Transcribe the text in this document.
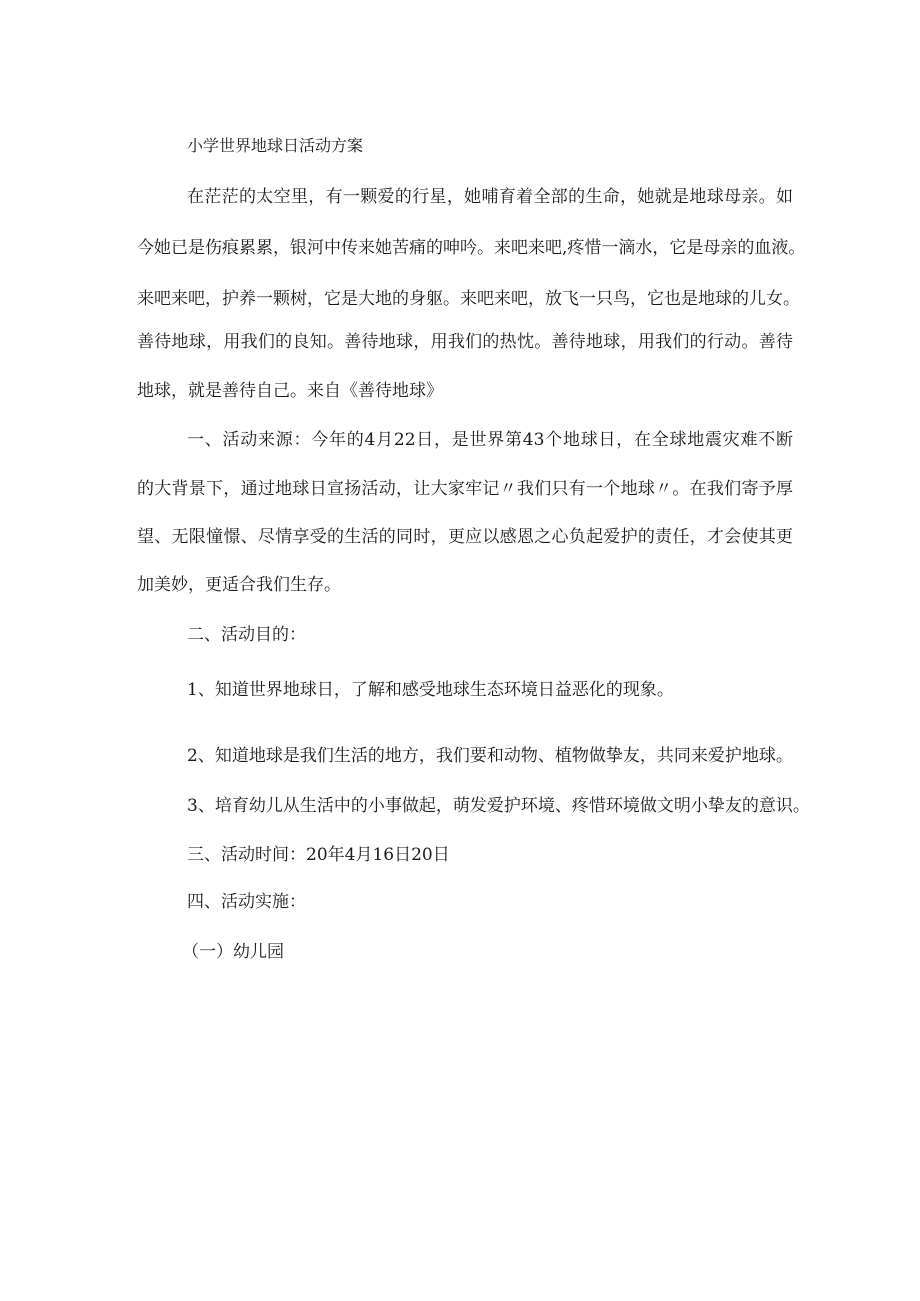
小学世界地球日活动方案

在茫茫的太空里，有一颗爱的行星，她哺育着全部的生命，她就是地球母亲。如

今她已是伤痕累累，银河中传来她苦痛的呻吟。来吧来吧,疼惜一滴水，它是母亲的血液。

来吧来吧，护养一颗树，它是大地的身躯。来吧来吧，放飞一只鸟，它也是地球的儿女。

善待地球，用我们的良知。善待地球，用我们的热忱。善待地球，用我们的行动。善待

地球，就是善待自己。来自《善待地球》

一、活动来源：今年的4月22日，是世界第43个地球日，在全球地震灾难不断

的大背景下，通过地球日宣扬活动，让大家牢记〃我们只有一个地球〃。在我们寄予厚

望、无限憧憬、尽情享受的生活的同时，更应以感恩之心负起爱护的责任，才会使其更

加美妙，更适合我们生存。

二、活动目的：

1、知道世界地球日，了解和感受地球生态环境日益恶化的现象。

2、知道地球是我们生活的地方，我们要和动物、植物做挚友，共同来爱护地球。

3、培育幼儿从生活中的小事做起，萌发爱护环境、疼惜环境做文明小挚友的意识。

三、活动时间：20年4月16日20日

四、活动实施：

（一）幼儿园
